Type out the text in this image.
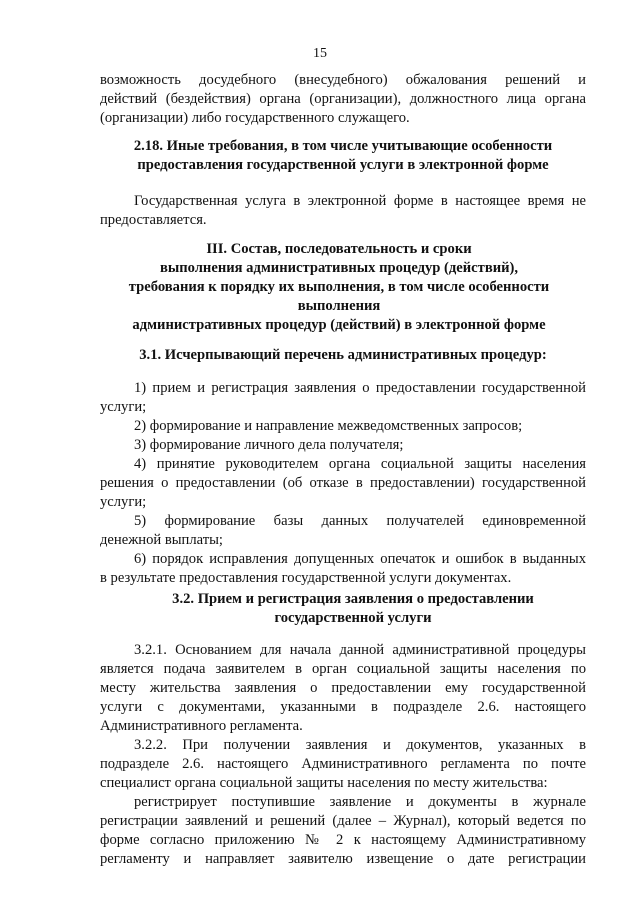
15
возможность досудебного (внесудебного) обжалования решений и
действий (бездействия) органа (организации), должностного лица органа
(организации) либо государственного служащего.
2.18. Иные требования, в том числе учитывающие особенности
предоставления государственной услуги в электронной форме
Государственная услуга в электронной форме в настоящее время не
предоставляется.
III. Состав, последовательность и сроки
выполнения административных процедур (действий),
требования к порядку их выполнения, в том числе особенности
выполнения
административных процедур (действий) в электронной форме
3.1. Исчерпывающий перечень административных процедур:
1) прием и регистрация заявления о предоставлении государственной
услуги;
2) формирование и направление межведомственных запросов;
3) формирование личного дела получателя;
4) принятие руководителем органа социальной защиты населения
решения о предоставлении (об отказе в предоставлении) государственной
услуги;
5) формирование базы данных получателей единовременной
денежной выплаты;
6) порядок исправления допущенных опечаток и ошибок в выданных
в результате предоставления государственной услуги документах.
3.2. Прием и регистрация заявления о предоставлении
государственной услуги
3.2.1. Основанием для начала данной административной процедуры
является подача заявителем в орган социальной защиты населения по
месту жительства заявления о предоставлении ему государственной
услуги с документами, указанными в подразделе 2.6. настоящего
Административного регламента.
3.2.2. При получении заявления и документов, указанных в
подразделе 2.6. настоящего Административного регламента по почте
специалист органа социальной защиты населения по месту жительства:
регистрирует поступившие заявление и документы в журнале
регистрации заявлений и решений (далее – Журнал), который ведется по
форме согласно приложению № 2 к настоящему Административному
регламенту и направляет заявителю извещение о дате регистрации
